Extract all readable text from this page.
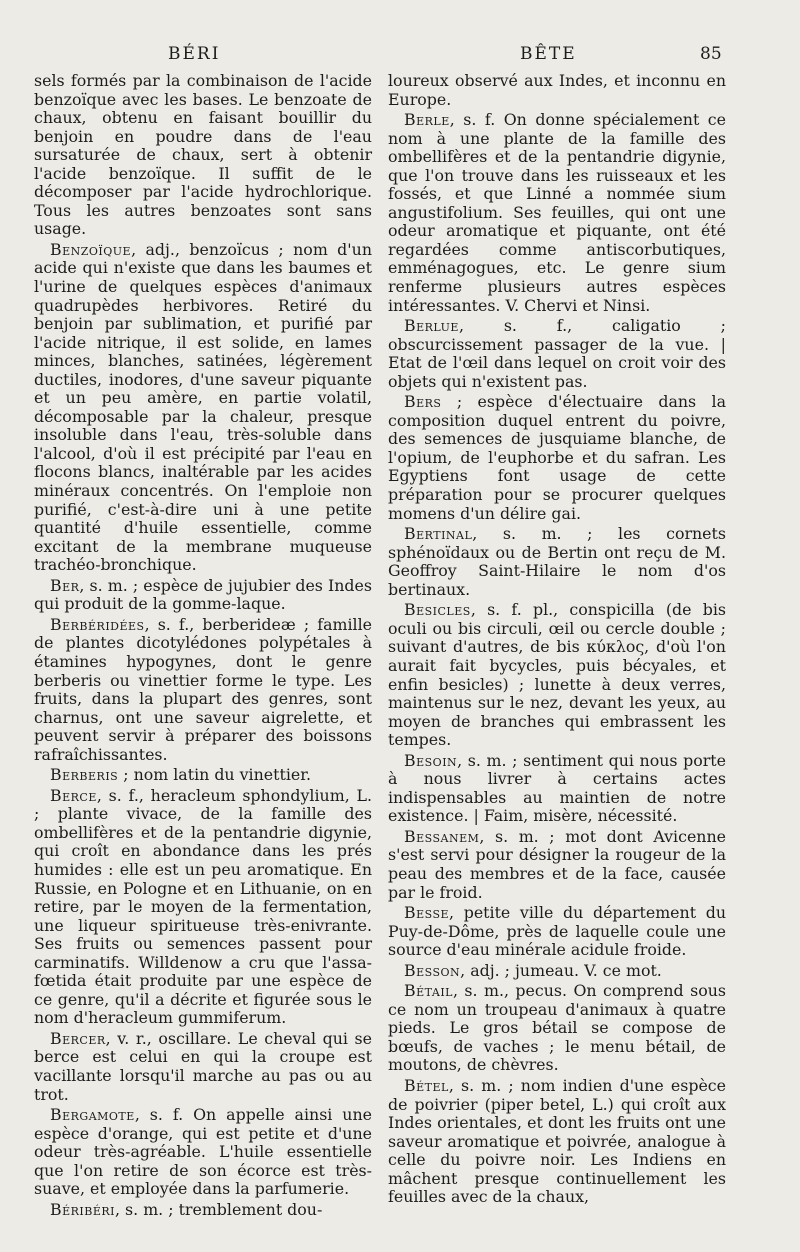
BÉRI	BÊTE	85

sels formés par la combinaison de l'acide benzoïque avec les bases. Le benzoate de chaux, obtenu en faisant bouillir du benjoin en poudre dans de l'eau sursaturée de chaux, sert à obtenir l'acide benzoïque. Il suffit de le décomposer par l'acide hydrochlorique. Tous les autres benzoates sont sans usage.

Benzoïque, adj., benzoïcus ; nom d'un acide qui n'existe que dans les baumes et l'urine de quelques espèces d'animaux quadrupèdes herbivores. Retiré du benjoin par sublimation, et purifié par l'acide nitrique, il est solide, en lames minces, blanches, satinées, légèrement ductiles, inodores, d'une saveur piquante et un peu amère, en partie volatil, décomposable par la chaleur, presque insoluble dans l'eau, très-soluble dans l'alcool, d'où il est précipité par l'eau en flocons blancs, inaltérable par les acides minéraux concentrés. On l'emploie non purifié, c'est-à-dire uni à une petite quantité d'huile essentielle, comme excitant de la membrane muqueuse trachéo-bronchique.

Ber, s. m. ; espèce de jujubier des Indes qui produit de la gomme-laque.

Berbéridées, s. f., berberideæ ; famille de plantes dicotylédones polypétales à étamines hypogynes, dont le genre berberis ou vinettier forme le type. Les fruits, dans la plupart des genres, sont charnus, ont une saveur aigrelette, et peuvent servir à préparer des boissons rafraîchissantes.

Berberis ; nom latin du vinettier.

Berce, s. f., heracleum sphondylium, L. ; plante vivace, de la famille des ombellifères et de la pentandrie digynie, qui croît en abondance dans les prés humides : elle est un peu aromatique. En Russie, en Pologne et en Lithuanie, on en retire, par le moyen de la fermentation, une liqueur spiritueuse très-enivrante. Ses fruits ou semences passent pour carminatifs. Willdenow a cru que l'assa-fœtida était produite par une espèce de ce genre, qu'il a décrite et figurée sous le nom d'heracleum gummiferum.

Bercer, v. r., oscillare. Le cheval qui se berce est celui en qui la croupe est vacillante lorsqu'il marche au pas ou au trot.

Bergamote, s. f. On appelle ainsi une espèce d'orange, qui est petite et d'une odeur très-agréable. L'huile essentielle que l'on retire de son écorce est très-suave, et employée dans la parfumerie.

Béribéri, s. m. ; tremblement dou-

loureux observé aux Indes, et inconnu en Europe.

Berle, s. f. On donne spécialement ce nom à une plante de la famille des ombellifères et de la pentandrie digynie, que l'on trouve dans les ruisseaux et les fossés, et que Linné a nommée sium angustifolium. Ses feuilles, qui ont une odeur aromatique et piquante, ont été regardées comme antiscorbutiques, emménagogues, etc. Le genre sium renferme plusieurs autres espèces intéressantes. V. Chervi et Ninsi.

Berlue, s. f., caligatio ; obscurcissement passager de la vue. | Etat de l'œil dans lequel on croit voir des objets qui n'existent pas.

Bers ; espèce d'électuaire dans la composition duquel entrent du poivre, des semences de jusquiame blanche, de l'opium, de l'euphorbe et du safran. Les Egyptiens font usage de cette préparation pour se procurer quelques momens d'un délire gai.

Bertinal, s. m. ; les cornets sphénoïdaux ou de Bertin ont reçu de M. Geoffroy Saint-Hilaire le nom d'os bertinaux.

Besicles, s. f. pl., conspicilla (de bis oculi ou bis circuli, œil ou cercle double ; suivant d'autres, de bis κύκλος, d'où l'on aurait fait bycycles, puis bécyales, et enfin besicles) ; lunette à deux verres, maintenus sur le nez, devant les yeux, au moyen de branches qui embrassent les tempes.

Besoin, s. m. ; sentiment qui nous porte à nous livrer à certains actes indispensables au maintien de notre existence. | Faim, misère, nécessité.

Bessanem, s. m. ; mot dont Avicenne s'est servi pour désigner la rougeur de la peau des membres et de la face, causée par le froid.

Besse, petite ville du département du Puy-de-Dôme, près de laquelle coule une source d'eau minérale acidule froide.

Besson, adj. ; jumeau. V. ce mot.

Bétail, s. m., pecus. On comprend sous ce nom un troupeau d'animaux à quatre pieds. Le gros bétail se compose de bœufs, de vaches ; le menu bétail, de moutons, de chèvres.

Bétel, s. m. ; nom indien d'une espèce de poivrier (piper betel, L.) qui croît aux Indes orientales, et dont les fruits ont une saveur aromatique et poivrée, analogue à celle du poivre noir. Les Indiens en mâchent presque continuellement les feuilles avec de la chaux,
